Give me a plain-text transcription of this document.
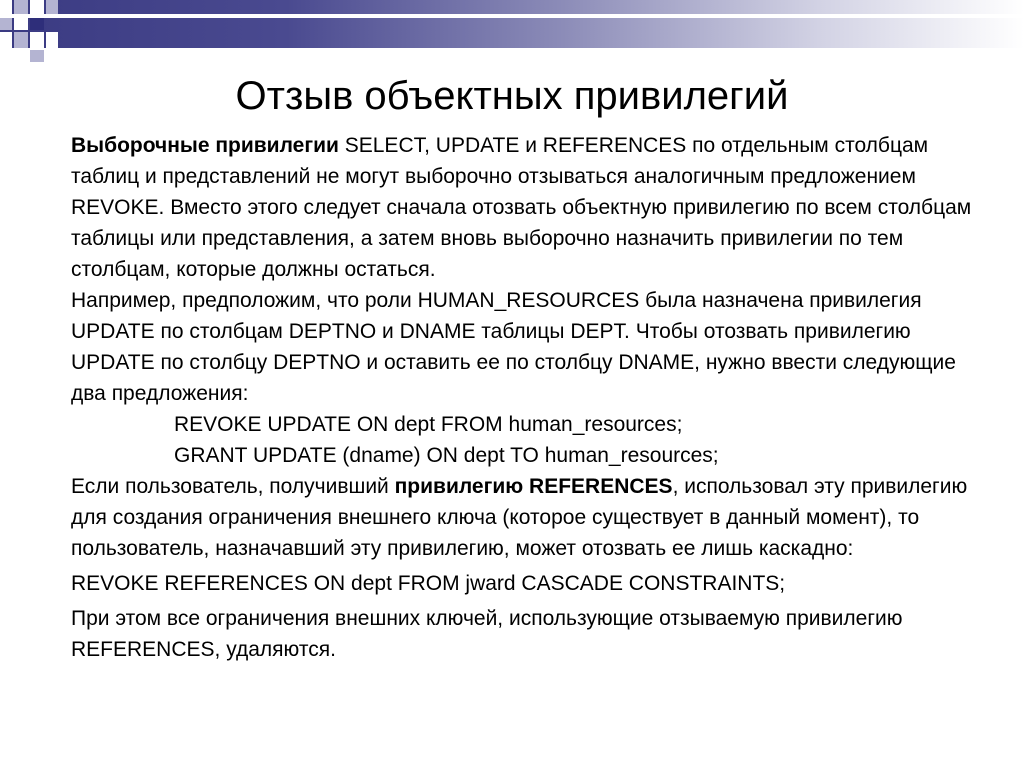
Отзыв объектных привилегий

Выборочные привилегии SELECT, UPDATE и REFERENCES по отдельным столбцам таблиц и представлений не могут выборочно отзываться аналогичным предложением REVOKE. Вместо этого следует сначала отозвать объектную привилегию по всем столбцам таблицы или представления, а затем вновь выборочно назначить привилегии по тем столбцам, которые должны остаться.

Например, предположим, что роли HUMAN_RESOURCES была назначена привилегия UPDATE по столбцам DEPTNO и DNAME таблицы DEPT. Чтобы отозвать привилегию UPDATE по столбцу DEPTNO и оставить ее по столбцу DNAME, нужно ввести следующие два предложения:

REVOKE UPDATE ON dept FROM human_resources;

GRANT UPDATE (dname) ON dept TO human_resources;

Если пользователь, получивший привилегию REFERENCES, использовал эту привилегию для создания ограничения внешнего ключа (которое существует в данный момент), то пользователь, назначавший эту привилегию, может отозвать ее лишь каскадно:

REVOKE REFERENCES ON dept FROM jward CASCADE CONSTRAINTS;

При этом все ограничения внешних ключей, использующие отзываемую привилегию REFERENCES, удаляются.
